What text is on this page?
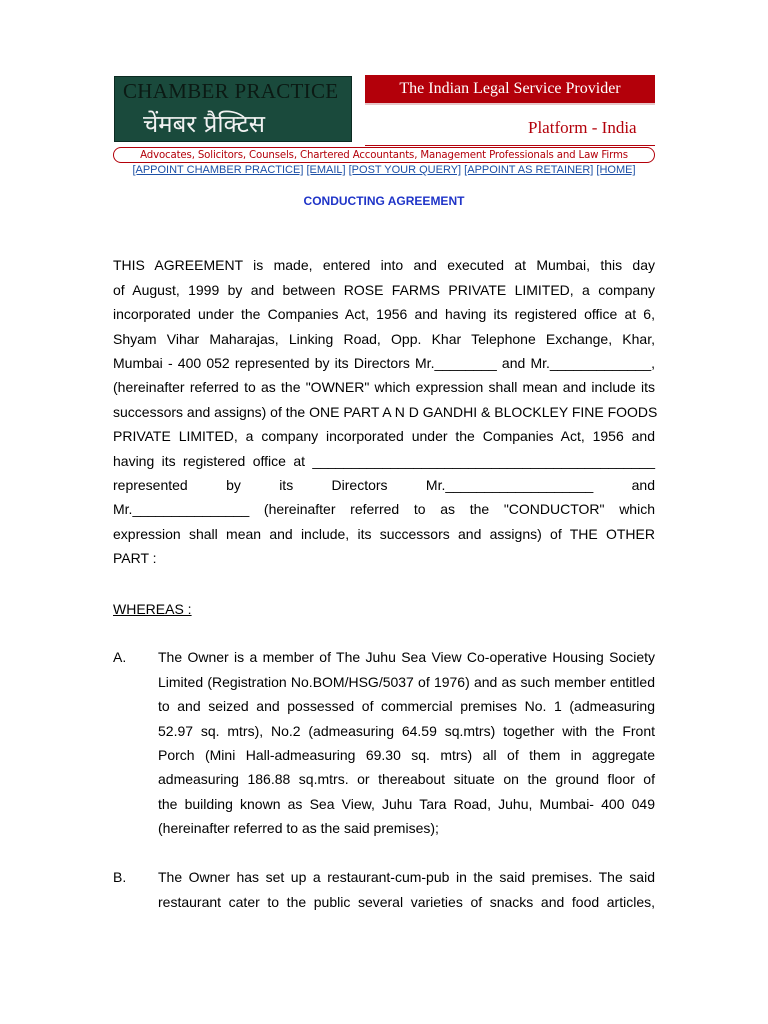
CHAMBER PRACTICE
चेंमबर प्रैक्टिस
The Indian Legal Service Provider
Platform - India
Advocates, Solicitors, Counsels, Chartered Accountants, Management Professionals and Law Firms
[APPOINT CHAMBER PRACTICE] [EMAIL] [POST YOUR QUERY] [APPOINT AS RETAINER] [HOME]
CONDUCTING AGREEMENT
THIS AGREEMENT is made, entered into and executed at Mumbai, this day
of August, 1999 by and between ROSE FARMS PRIVATE LIMITED, a company
incorporated under the Companies Act, 1956 and having its registered office at 6,
Shyam Vihar Maharajas, Linking Road, Opp. Khar Telephone Exchange, Khar,
Mumbai - 400 052 represented by its Directors Mr.________ and Mr._____________,
(hereinafter referred to as the "OWNER" which expression shall mean and include its
successors and assigns) of the ONE PART A N D GANDHI & BLOCKLEY FINE FOODS
PRIVATE LIMITED, a company incorporated under the Companies Act, 1956 and
having its registered office at ____________________________________________
represented by its Directors Mr.___________________ and
Mr._______________ (hereinafter referred to as the "CONDUCTOR" which
expression shall mean and include, its successors and assigns) of THE OTHER
PART :
WHEREAS :
A. The Owner is a member of The Juhu Sea View Co-operative Housing Society
Limited (Registration No.BOM/HSG/5037 of 1976) and as such member entitled
to and seized and possessed of commercial premises No. 1 (admeasuring
52.97 sq. mtrs), No.2 (admeasuring 64.59 sq.mtrs) together with the Front
Porch (Mini Hall-admeasuring 69.30 sq. mtrs) all of them in aggregate
admeasuring 186.88 sq.mtrs. or thereabout situate on the ground floor of
the building known as Sea View, Juhu Tara Road, Juhu, Mumbai- 400 049
(hereinafter referred to as the said premises);
B. The Owner has set up a restaurant-cum-pub in the said premises. The said
restaurant cater to the public several varieties of snacks and food articles,
